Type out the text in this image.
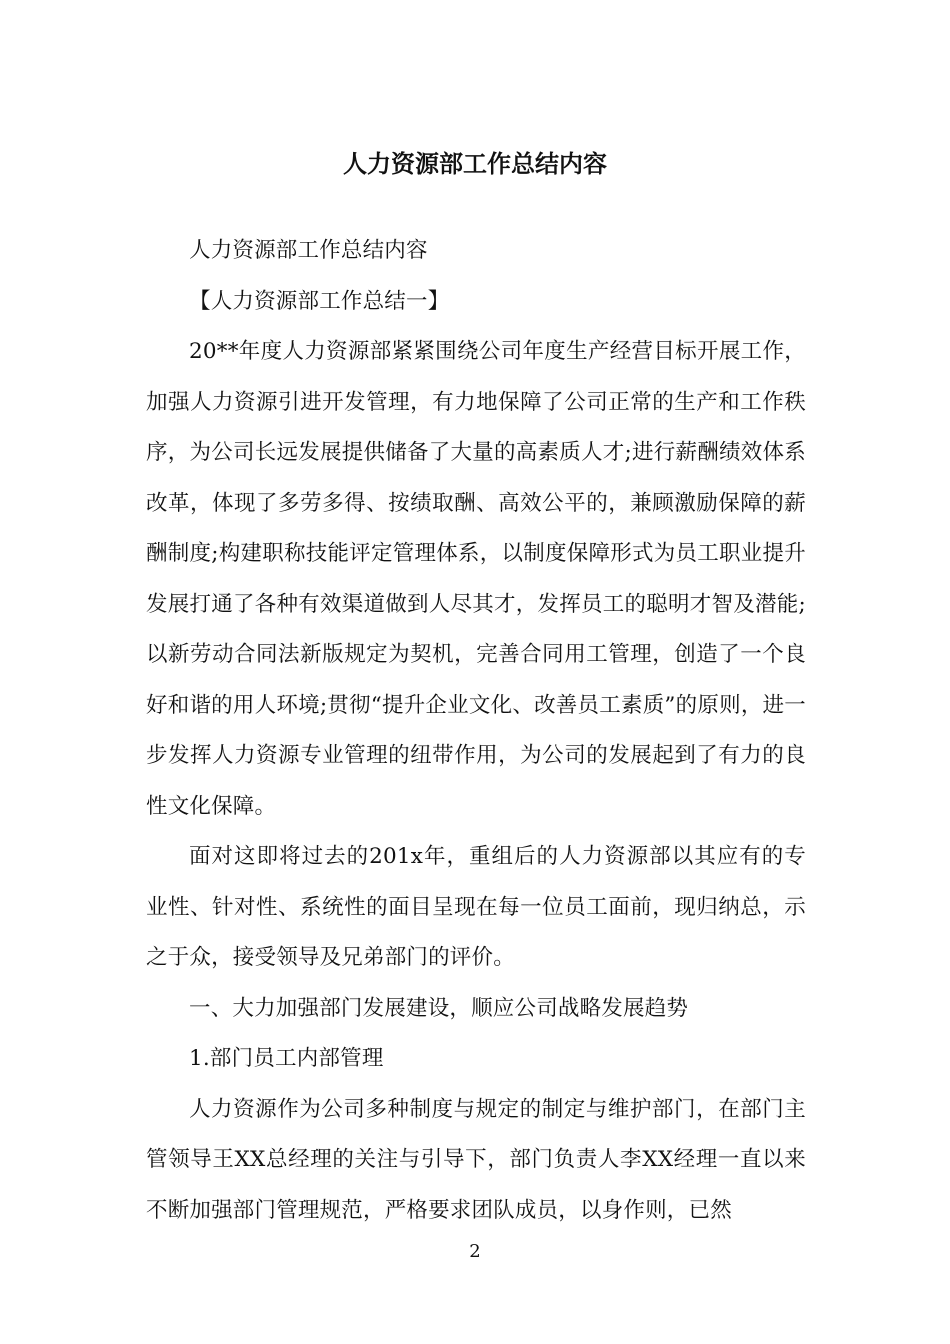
人力资源部工作总结内容

人力资源部工作总结内容

【人力资源部工作总结一】

20**年度人力资源部紧紧围绕公司年度生产经营目标开展工作，加强人力资源引进开发管理，有力地保障了公司正常的生产和工作秩序，为公司长远发展提供储备了大量的高素质人才;进行薪酬绩效体系改革，体现了多劳多得、按绩取酬、高效公平的，兼顾激励保障的薪酬制度;构建职称技能评定管理体系，以制度保障形式为员工职业提升发展打通了各种有效渠道做到人尽其才，发挥员工的聪明才智及潜能;以新劳动合同法新版规定为契机，完善合同用工管理，创造了一个良好和谐的用人环境;贯彻“提升企业文化、改善员工素质”的原则，进一步发挥人力资源专业管理的纽带作用，为公司的发展起到了有力的良性文化保障。

面对这即将过去的201x年，重组后的人力资源部以其应有的专业性、针对性、系统性的面目呈现在每一位员工面前，现归纳总，示之于众，接受领导及兄弟部门的评价。

一、大力加强部门发展建设，顺应公司战略发展趋势

1.部门员工内部管理

人力资源作为公司多种制度与规定的制定与维护部门，在部门主管领导王XX总经理的关注与引导下，部门负责人李XX经理一直以来不断加强部门管理规范，严格要求团队成员，以身作则，已然

2
